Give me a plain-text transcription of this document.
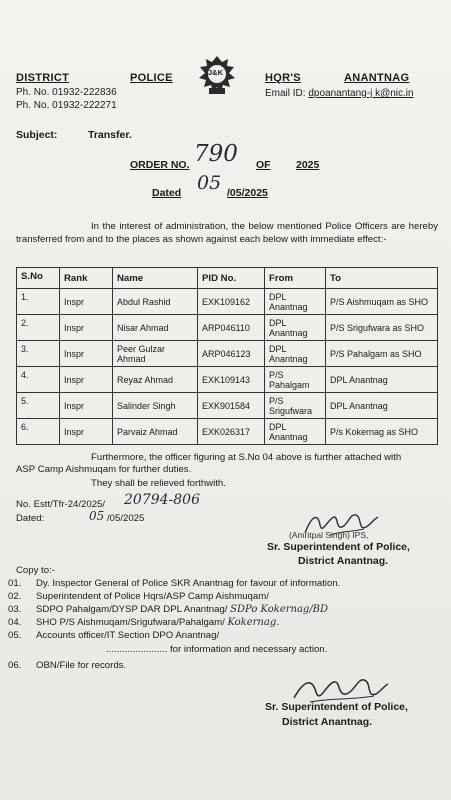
DISTRICT	POLICE	J&K	HQR'S	ANANTNAG
Ph. No. 01932-222836
Ph. No. 01932-222271
Email ID: dpoanantang-j k@nic.in
Subject:	Transfer.
ORDER NO. 790 OF 2025
Dated 05 /05/2025
In the interest of administration, the below mentioned Police Officers are hereby transferred from and to the places as shown against each below with immediate effect:-
S.No	Rank	Name	PID No.	From	To
1.	Inspr	Abdul Rashid	EXK109162	DPL Anantnag	P/S Aishmuqam as SHO
2.	Inspr	Nisar Ahmad	ARP046110	DPL Anantnag	P/S Srigufwara as SHO
3.	Inspr	Peer Gulzar Ahmad	ARP046123	DPL Anantnag	P/S Pahalgam as SHO
4.	Inspr	Reyaz Ahmad	EXK109143	P/S Pahalgam	DPL Anantnag
5.	Inspr	Salinder Singh	EXK901584	P/S Srigufwara	DPL Anantnag
6.	Inspr	Parvaiz Ahmad	EXK026317	DPL Anantnag	P/s Kokernag as SHO
Furthermore, the officer figuring at S.No 04 above is further attached with
ASP Camp Aishmuqam for further duties.
They shall be relieved forthwith.
No. Estt/Tfr-24/2025/ 20794-806
Dated:	05 /05/2025
(Amritpal Singh) IPS,
Sr. Superintendent of Police,
District Anantnag.
Copy to:-
01. Dy. Inspector General of Police SKR Anantnag for favour of information.
02. Superintendent of Police Hqrs/ASP Camp Aishmuqam/
03. SDPO Pahalgam/DYSP DAR DPL Anantnag/ SDPo Kokernag/BD
04. SHO P/S Aishmuqam/Srigufwara/Pahalgam/ Kokernag.
05. Accounts officer/IT Section DPO Anantnag/
....................... for information and necessary action.
06. OBN/File for records.
Sr. Superintendent of Police,
District Anantnag.
